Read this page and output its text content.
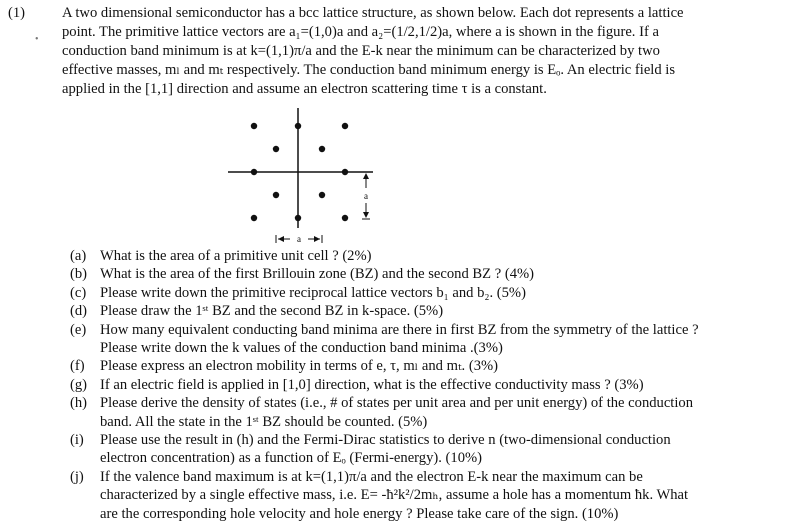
(1)
•
A two dimensional semiconductor has a bcc lattice structure, as shown below. Each dot represents a lattice
point. The primitive lattice vectors are a₁=(1,0)a and a₂=(1/2,1/2)a, where a is shown in the figure. If a
conduction band minimum is at k=(1,1)π/a and the E-k near the minimum can be characterized by two
effective masses, mₗ and mₜ respectively. The conduction band minimum energy is Eₒ. An electric field is
applied in the [1,1] direction and assume an electron scattering time τ is a constant.
a
a
(a) What is the area of a primitive unit cell ? (2%)
(b) What is the area of the first Brillouin zone (BZ) and the second BZ ? (4%)
(c) Please write down the primitive reciprocal lattice vectors b₁ and b₂. (5%)
(d) Please draw the 1ˢᵗ BZ and the second BZ in k-space. (5%)
(e) How many equivalent conducting band minima are there in first BZ from the symmetry of the lattice ?
Please write down the k values of the conduction band minima .(3%)
(f)	Please express an electron mobility in terms of e, τ, mₗ and mₜ. (3%)
(g) If an electric field is applied in [1,0] direction, what is the effective conductivity mass ? (3%)
(h) Please derive the density of states (i.e., # of states per unit area and per unit energy) of the conduction
band. All the state in the 1ˢᵗ BZ should be counted. (5%)
(i)	Please use the result in (h) and the Fermi-Dirac statistics to derive n (two-dimensional conduction
electron concentration) as a function of Eₒ (Fermi-energy). (10%)
(j)	If the valence band maximum is at k=(1,1)π/a and the electron E-k near the maximum can be
characterized by a single effective mass, i.e. E= -ħ²k²/2mₕ, assume a hole has a momentum ħk. What
are the corresponding hole velocity and hole energy ? Please take care of the sign. (10%)
